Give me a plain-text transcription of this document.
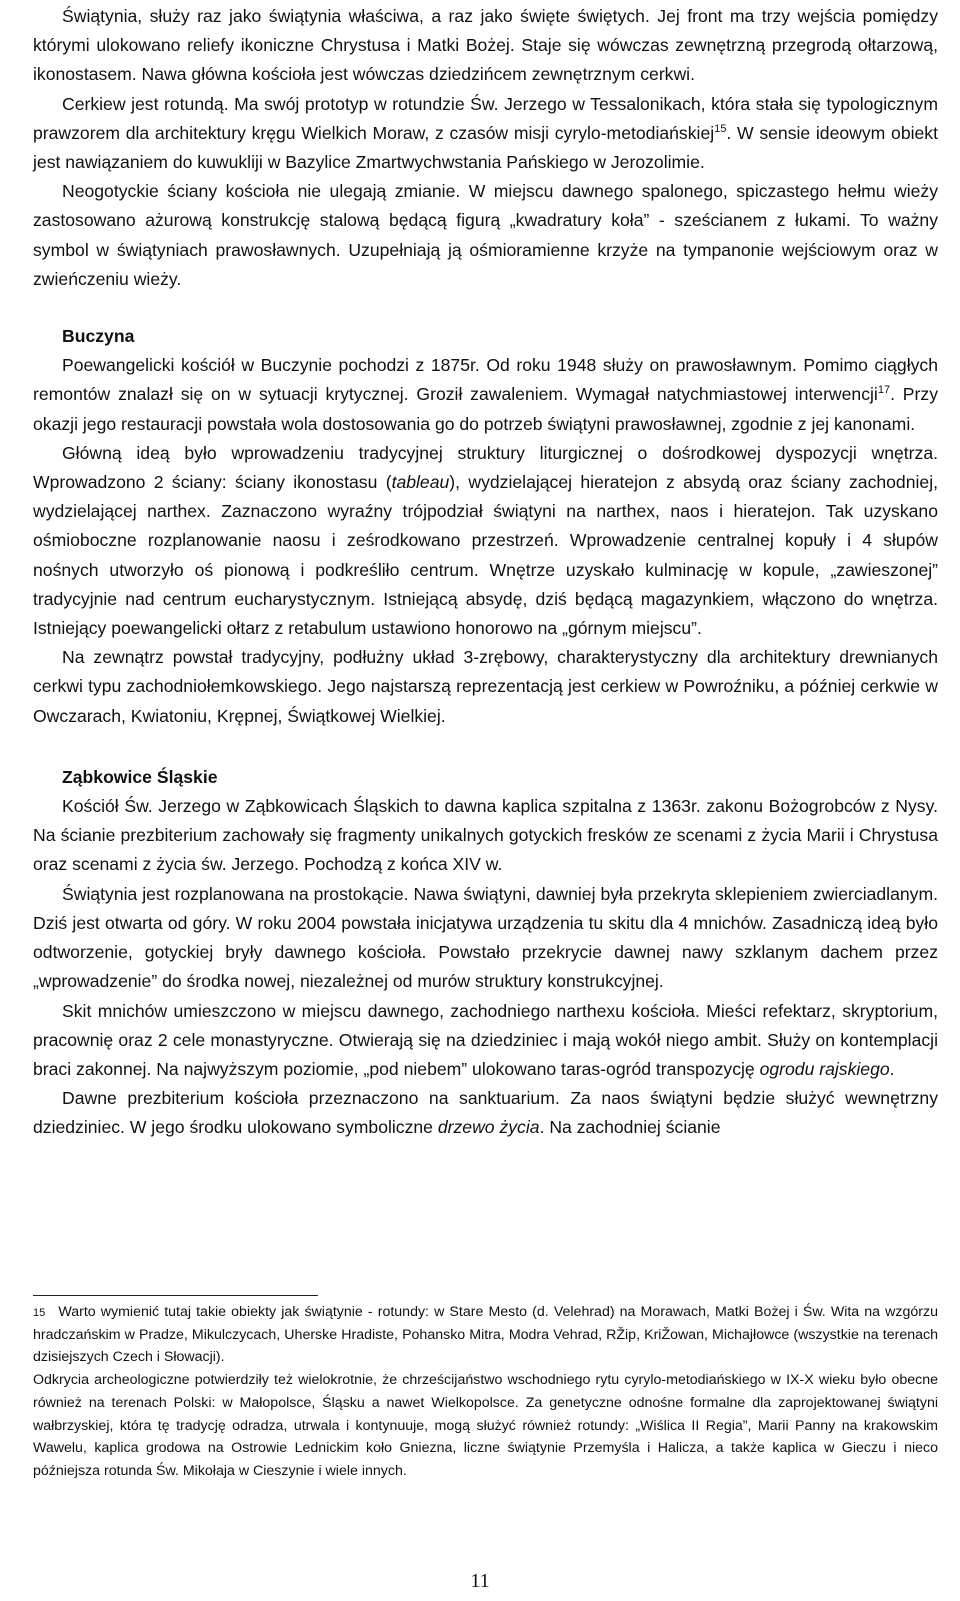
Świątynia, służy raz jako świątynia właściwa, a raz jako święte świętych. Jej front ma trzy wejścia pomiędzy którymi ulokowano reliefy ikoniczne Chrystusa i Matki Bożej. Staje się wówczas zewnętrzną przegrodą ołtarzową, ikonostasem. Nawa główna kościoła jest wówczas dziedzińcem zewnętrznym cerkwi.

Cerkiew jest rotundą. Ma swój prototyp w rotundzie Św. Jerzego w Tessalonikach, która stała się typologicznym prawzorem dla architektury kręgu Wielkich Moraw, z czasów misji cyrylo-metodiańskiej$^{15}$. W sensie ideowym obiekt jest nawiązaniem do kuwukliji w Bazylice Zmartwychwstania Pańskiego w Jerozolimie.

Neogotyckie ściany kościoła nie ulegają zmianie. W miejscu dawnego spalonego, spiczastego hełmu wieży zastosowano ażurową konstrukcję stalową będącą figurą „kwadratury koła” - sześcianem z łukami. To ważny symbol w świątyniach prawosławnych. Uzupełniają ją ośmioramienne krzyże na tympanonie wejściowym oraz w zwieńczeniu wieży.

Buczyna

Poewangelicki kościół w Buczynie pochodzi z 1875r. Od roku 1948 służy on prawosławnym. Pomimo ciągłych remontów znalazł się on w sytuacji krytycznej. Groził zawaleniem. Wymagał natychmiastowej interwencji$^{17}$. Przy okazji jego restauracji powstała wola dostosowania go do potrzeb świątyni prawosławnej, zgodnie z jej kanonami.

Główną ideą było wprowadzeniu tradycyjnej struktury liturgicznej o dośrodkowej dyspozycji wnętrza. Wprowadzono 2 ściany: ściany ikonostasu (tableau), wydzielającej hieratejon z absydą oraz ściany zachodniej, wydzielającej narthex. Zaznaczono wyraźny trójpodział świątyni na narthex, naos i hieratejon. Tak uzyskano ośmioboczne rozplanowanie naosu i ześrodkowano przestrzeń. Wprowadzenie centralnej kopuły i 4 słupów nośnych utworzyło oś pionową i podkreśliło centrum. Wnętrze uzyskało kulminację w kopule, „zawieszonej” tradycyjnie nad centrum eucharystycznym. Istniejącą absydę, dziś będącą magazynkiem, włączono do wnętrza. Istniejący poewangelicki ołtarz z retabulum ustawiono honorowo na „górnym miejscu”.

Na zewnątrz powstał tradycyjny, podłużny układ 3-zrębowy, charakterystyczny dla architektury drewnianych cerkwi typu zachodniołemkowskiego. Jego najstarszą reprezentacją jest cerkiew w Powroźniku, a później cerkwie w Owczarach, Kwiatoniu, Krępnej, Świątkowej Wielkiej.

Ząbkowice Śląskie

Kościół Św. Jerzego w Ząbkowicach Śląskich to dawna kaplica szpitalna z 1363r. zakonu Bożogrobców z Nysy. Na ścianie prezbiterium zachowały się fragmenty unikalnych gotyckich fresków ze scenami z życia Marii i Chrystusa oraz scenami z życia św. Jerzego. Pochodzą z końca XIV w.

Świątynia jest rozplanowana na prostokącie. Nawa świątyni, dawniej była przekryta sklepieniem zwierciadlanym. Dziś jest otwarta od góry. W roku 2004 powstała inicjatywa urządzenia tu skitu dla 4 mnichów. Zasadniczą ideą było odtworzenie, gotyckiej bryły dawnego kościoła. Powstało przekrycie dawnej nawy szklanym dachem przez „wprowadzenie” do środka nowej, niezależnej od murów struktury konstrukcyjnej.

Skit mnichów umieszczono w miejscu dawnego, zachodniego narthexu kościoła. Mieści refektarz, skryptorium, pracownię oraz 2 cele monastyryczne. Otwierają się na dziedziniec i mają wokół niego ambit. Służy on kontemplacji braci zakonnej. Na najwyższym poziomie, „pod niebem” ulokowano taras-ogród transpozycję ogrodu rajskiego.

Dawne prezbiterium kościoła przeznaczono na sanktuarium. Za naos świątyni będzie służyć wewnętrzny dziedziniec. W jego środku ulokowano symboliczne drzewo życia. Na zachodniej ścianie

15 Warto wymienić tutaj takie obiekty jak świątynie - rotundy: w Stare Mesto (d. Velehrad) na Morawach, Matki Bożej i Św. Wita na wzgórzu hradczańskim w Pradze, Mikulczycach, Uherske Hradiste, Pohansko Mitra, Modra Vehrad, RŽip, KriŽowan, Michajłowce (wszystkie na terenach dzisiejszych Czech i Słowacji).

Odkrycia archeologiczne potwierdziły też wielokrotnie, że chrześcijaństwo wschodniego rytu cyrylo-metodiańskiego w IX-X wieku było obecne również na terenach Polski: w Małopolsce, Śląsku a nawet Wielkopolsce. Za genetyczne odnośne formalne dla zaprojektowanej świątyni wałbrzyskiej, która tę tradycję odradza, utrwala i kontynuuje, mogą służyć również rotundy: „Wiślica II Regia”, Marii Panny na krakowskim Wawelu, kaplica grodowa na Ostrowie Lednickim koło Gniezna, liczne świątynie Przemyśla i Halicza, a także kaplica w Gieczu i nieco późniejsza rotunda Św. Mikołaja w Cieszynie i wiele innych.

11
